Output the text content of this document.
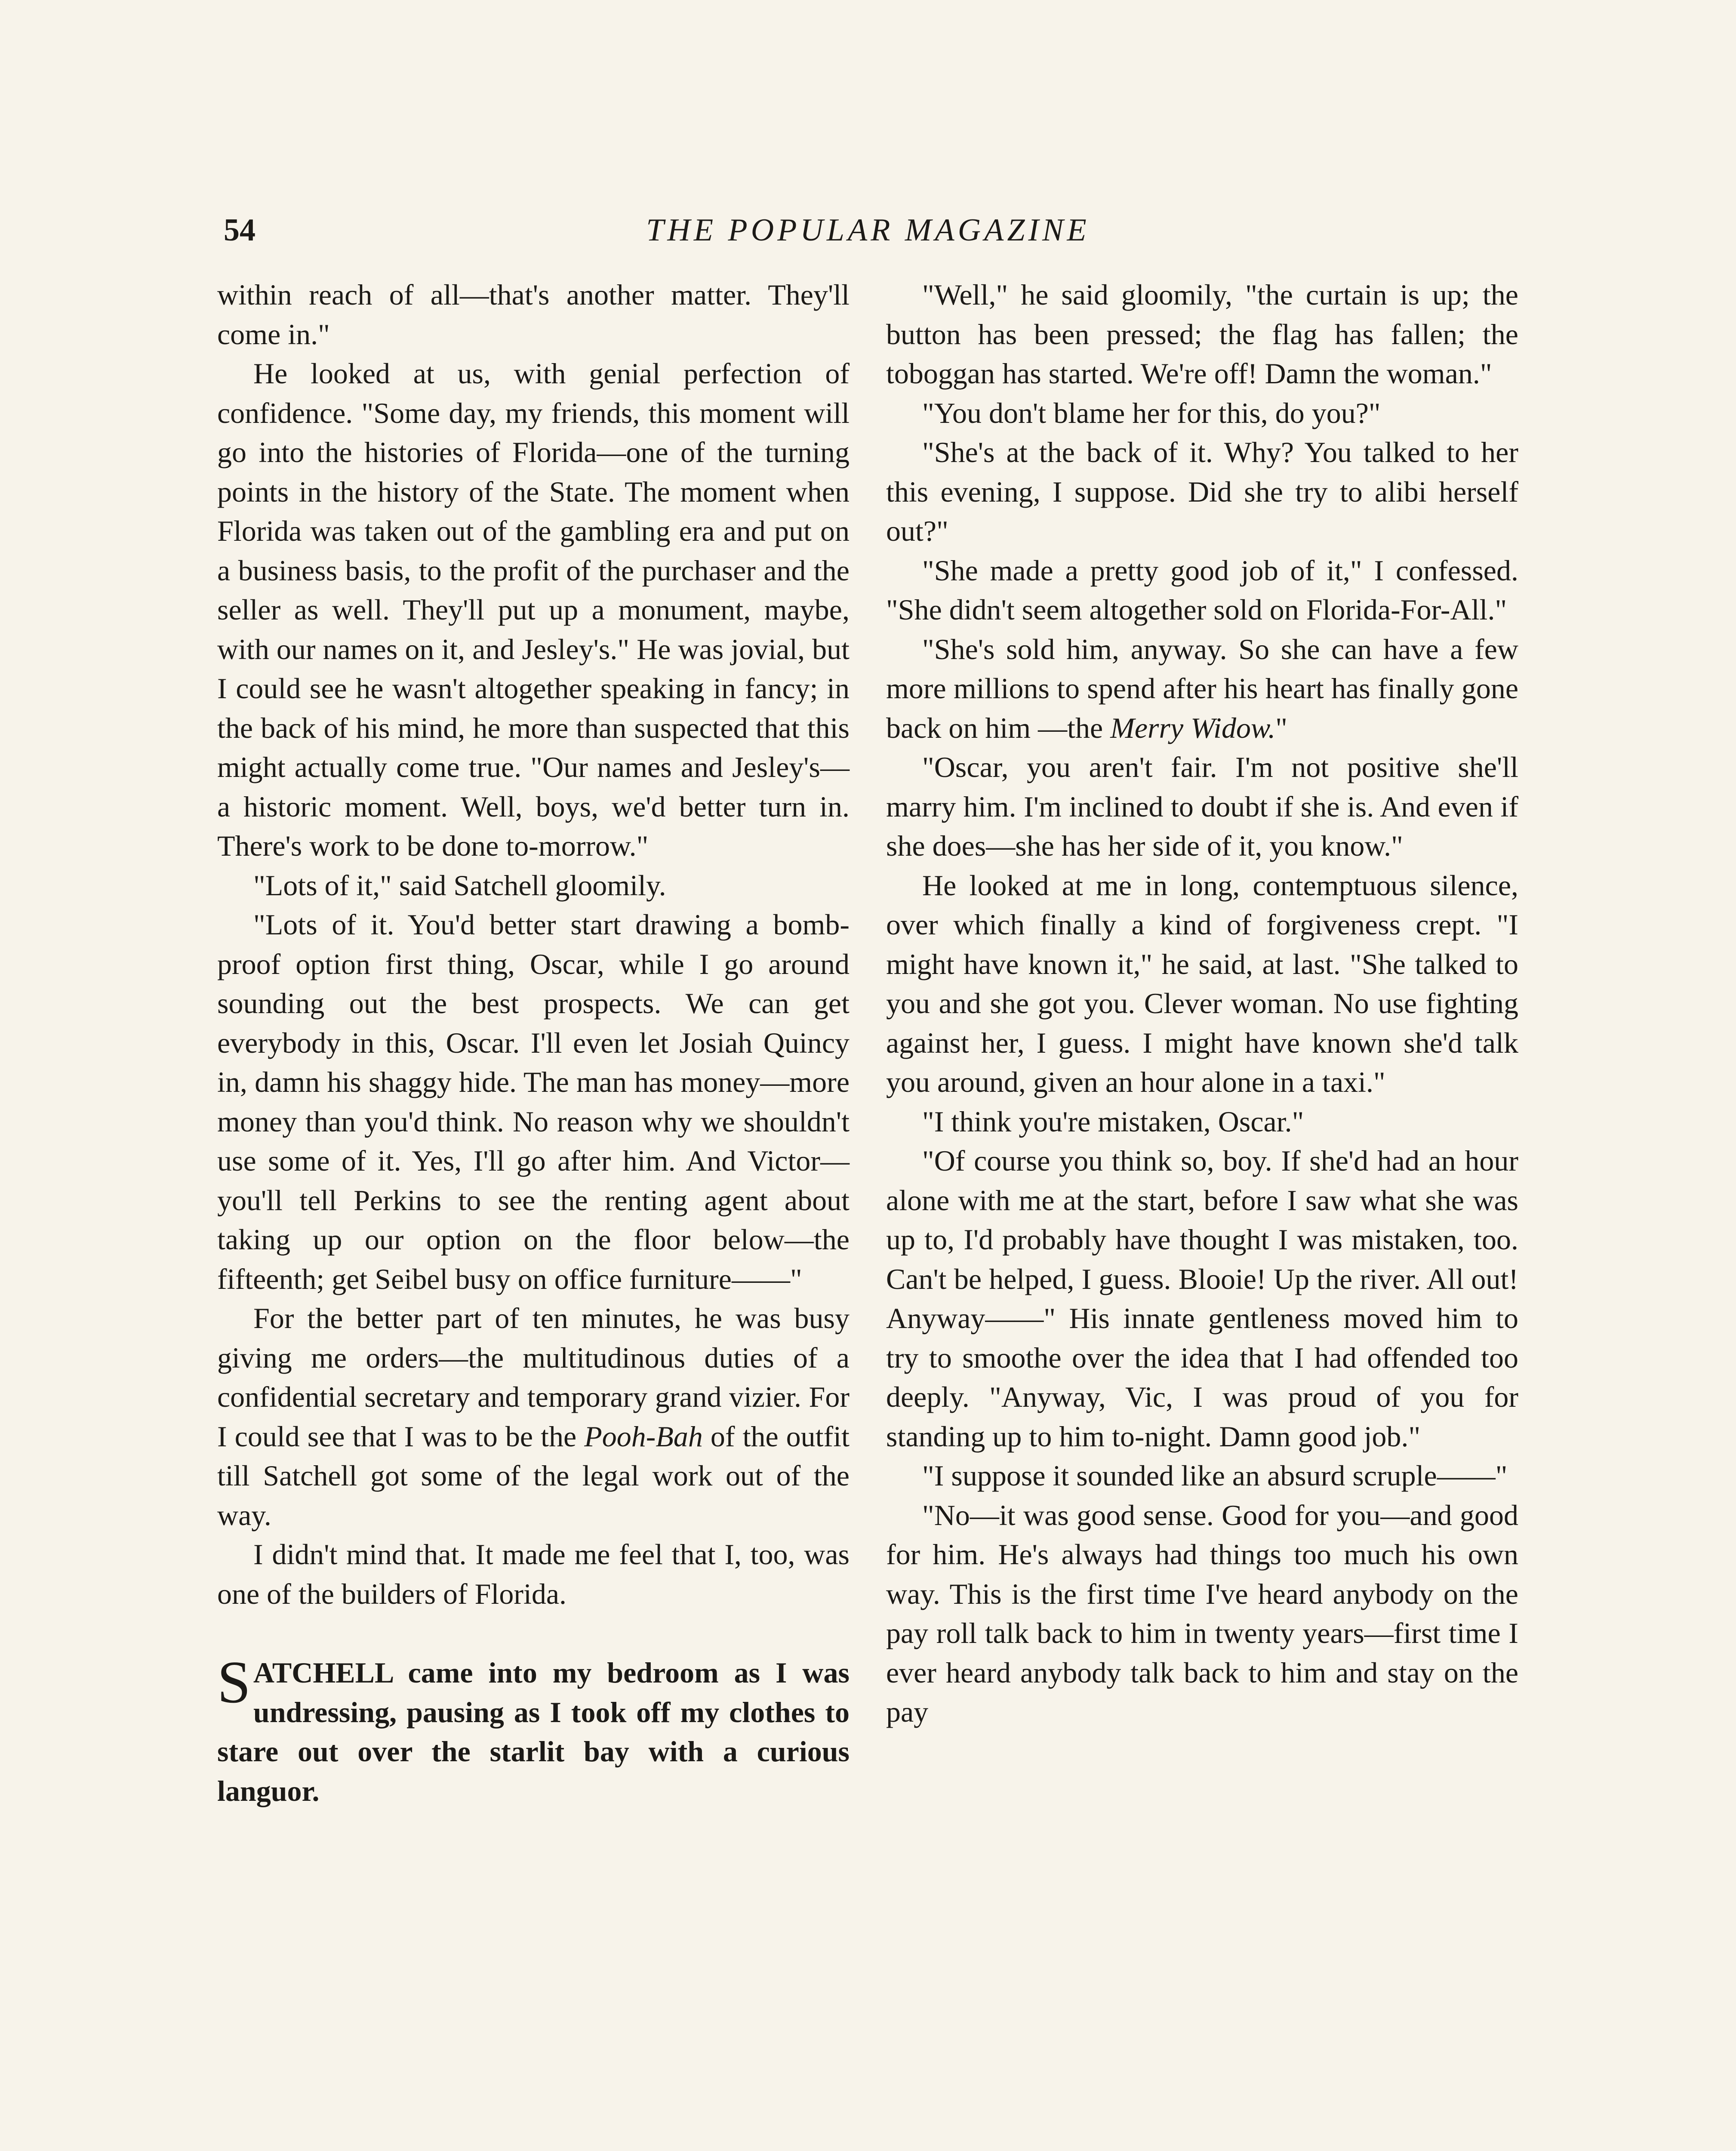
54	THE POPULAR MAGAZINE

within reach of all—that's another matter. They'll come in."

He looked at us, with genial perfection of confidence. "Some day, my friends, this moment will go into the histories of Florida—one of the turning points in the history of the State. The moment when Florida was taken out of the gambling era and put on a business basis, to the profit of the purchaser and the seller as well. They'll put up a monument, maybe, with our names on it, and Jesley's." He was jovial, but I could see he wasn't altogether speaking in fancy; in the back of his mind, he more than suspected that this might actually come true. "Our names and Jesley's—a historic moment. Well, boys, we'd better turn in. There's work to be done to-morrow."

"Lots of it," said Satchell gloomily.

"Lots of it. You'd better start drawing a bomb-proof option first thing, Oscar, while I go around sounding out the best prospects. We can get everybody in this, Oscar. I'll even let Josiah Quincy in, damn his shaggy hide. The man has money—more money than you'd think. No reason why we shouldn't use some of it. Yes, I'll go after him. And Victor—you'll tell Perkins to see the renting agent about taking up our option on the floor below—the fifteenth; get Seibel busy on office furniture——"

For the better part of ten minutes, he was busy giving me orders—the multitudinous duties of a confidential secretary and temporary grand vizier. For I could see that I was to be the Pooh-Bah of the outfit till Satchell got some of the legal work out of the way.

I didn't mind that. It made me feel that I, too, was one of the builders of Florida.

SATCHELL came into my bedroom as I was undressing, pausing as I took off my clothes to stare out over the starlit bay with a curious languor.

"Well," he said gloomily, "the curtain is up; the button has been pressed; the flag has fallen; the toboggan has started. We're off! Damn the woman."

"You don't blame her for this, do you?"

"She's at the back of it. Why? You talked to her this evening, I suppose. Did she try to alibi herself out?"

"She made a pretty good job of it," I confessed. "She didn't seem altogether sold on Florida-For-All."

"She's sold him, anyway. So she can have a few more millions to spend after his heart has finally gone back on him —the Merry Widow."

"Oscar, you aren't fair. I'm not positive she'll marry him. I'm inclined to doubt if she is. And even if she does—she has her side of it, you know."

He looked at me in long, contemptuous silence, over which finally a kind of forgiveness crept. "I might have known it," he said, at last. "She talked to you and she got you. Clever woman. No use fighting against her, I guess. I might have known she'd talk you around, given an hour alone in a taxi."

"I think you're mistaken, Oscar."

"Of course you think so, boy. If she'd had an hour alone with me at the start, before I saw what she was up to, I'd probably have thought I was mistaken, too. Can't be helped, I guess. Blooie! Up the river. All out! Anyway——" His innate gentleness moved him to try to smoothe over the idea that I had offended too deeply. "Anyway, Vic, I was proud of you for standing up to him to-night. Damn good job."

"I suppose it sounded like an absurd scruple——"

"No—it was good sense. Good for you—and good for him. He's always had things too much his own way. This is the first time I've heard anybody on the pay roll talk back to him in twenty years—first time I ever heard anybody talk back to him and stay on the pay
